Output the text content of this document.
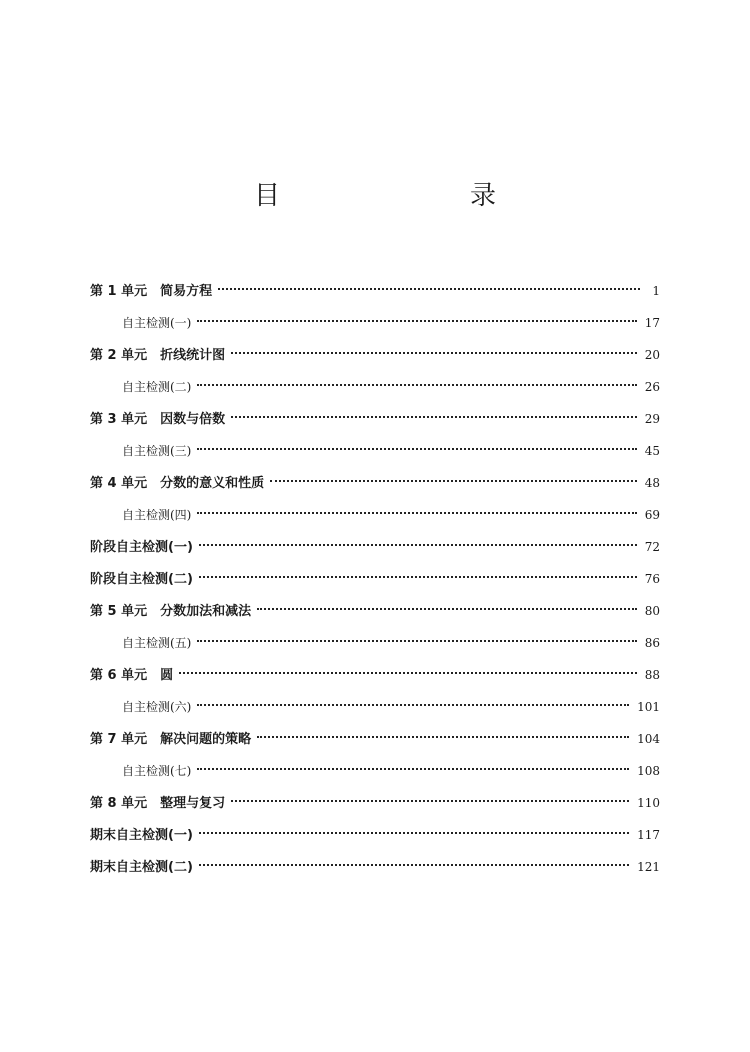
目　　录
第 1 单元　简易方程	1
自主检测(一)	17
第 2 单元　折线统计图	20
自主检测(二)	26
第 3 单元　因数与倍数	29
自主检测(三)	45
第 4 单元　分数的意义和性质	48
自主检测(四)	69
阶段自主检测(一)	72
阶段自主检测(二)	76
第 5 单元　分数加法和减法	80
自主检测(五)	86
第 6 单元　圆	88
自主检测(六)	101
第 7 单元　解决问题的策略	104
自主检测(七)	108
第 8 单元　整理与复习	110
期末自主检测(一)	117
期末自主检测(二)	121
